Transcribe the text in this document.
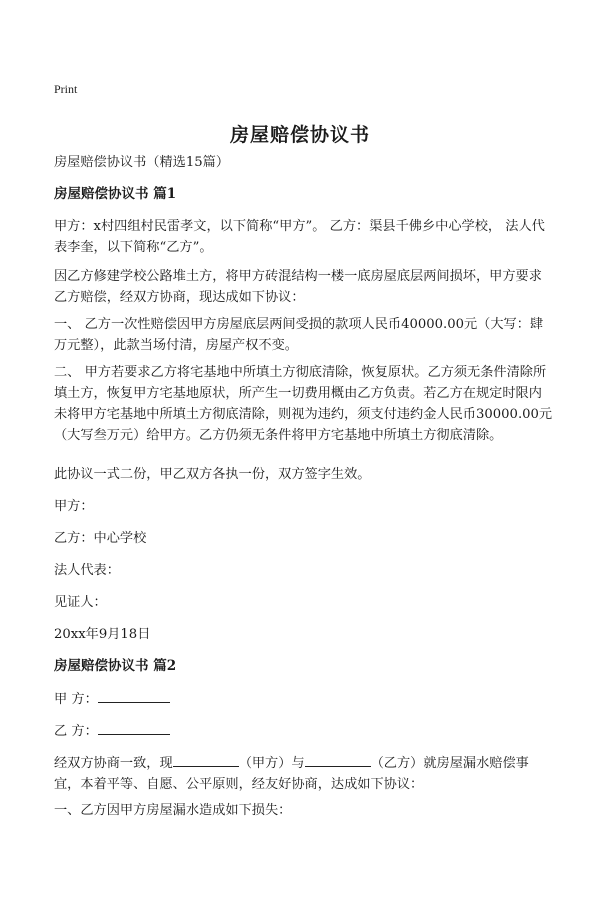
Print
房屋赔偿协议书

房屋赔偿协议书（精选15篇）

房屋赔偿协议书 篇1

甲方：x村四组村民雷孝文，以下简称“甲方”。 乙方：渠县千佛乡中心学校， 法人代表李奎，以下简称“乙方”。

因乙方修建学校公路堆土方，将甲方砖混结构一楼一底房屋底层两间损坏，甲方要求乙方赔偿，经双方协商，现达成如下协议：

一、 乙方一次性赔偿因甲方房屋底层两间受损的款项人民币40000.00元（大写：肆万元整），此款当场付清，房屋产权不变。

二、 甲方若要求乙方将宅基地中所填土方彻底清除，恢复原状。乙方须无条件清除所填土方，恢复甲方宅基地原状，所产生一切费用概由乙方负责。若乙方在规定时限内未将甲方宅基地中所填土方彻底清除，则视为违约，须支付违约金人民币30000.00元（大写叁万元）给甲方。乙方仍须无条件将甲方宅基地中所填土方彻底清除。

此协议一式二份，甲乙双方各执一份，双方签字生效。

甲方：

乙方：中心学校

法人代表：

见证人：

20xx年9月18日

房屋赔偿协议书 篇2

甲 方：

乙 方：

经双方协商一致，现	（甲方）与	（乙方）就房屋漏水赔偿事宜，本着平等、自愿、公平原则，经友好协商，达成如下协议：

一、乙方因甲方房屋漏水造成如下损失：
